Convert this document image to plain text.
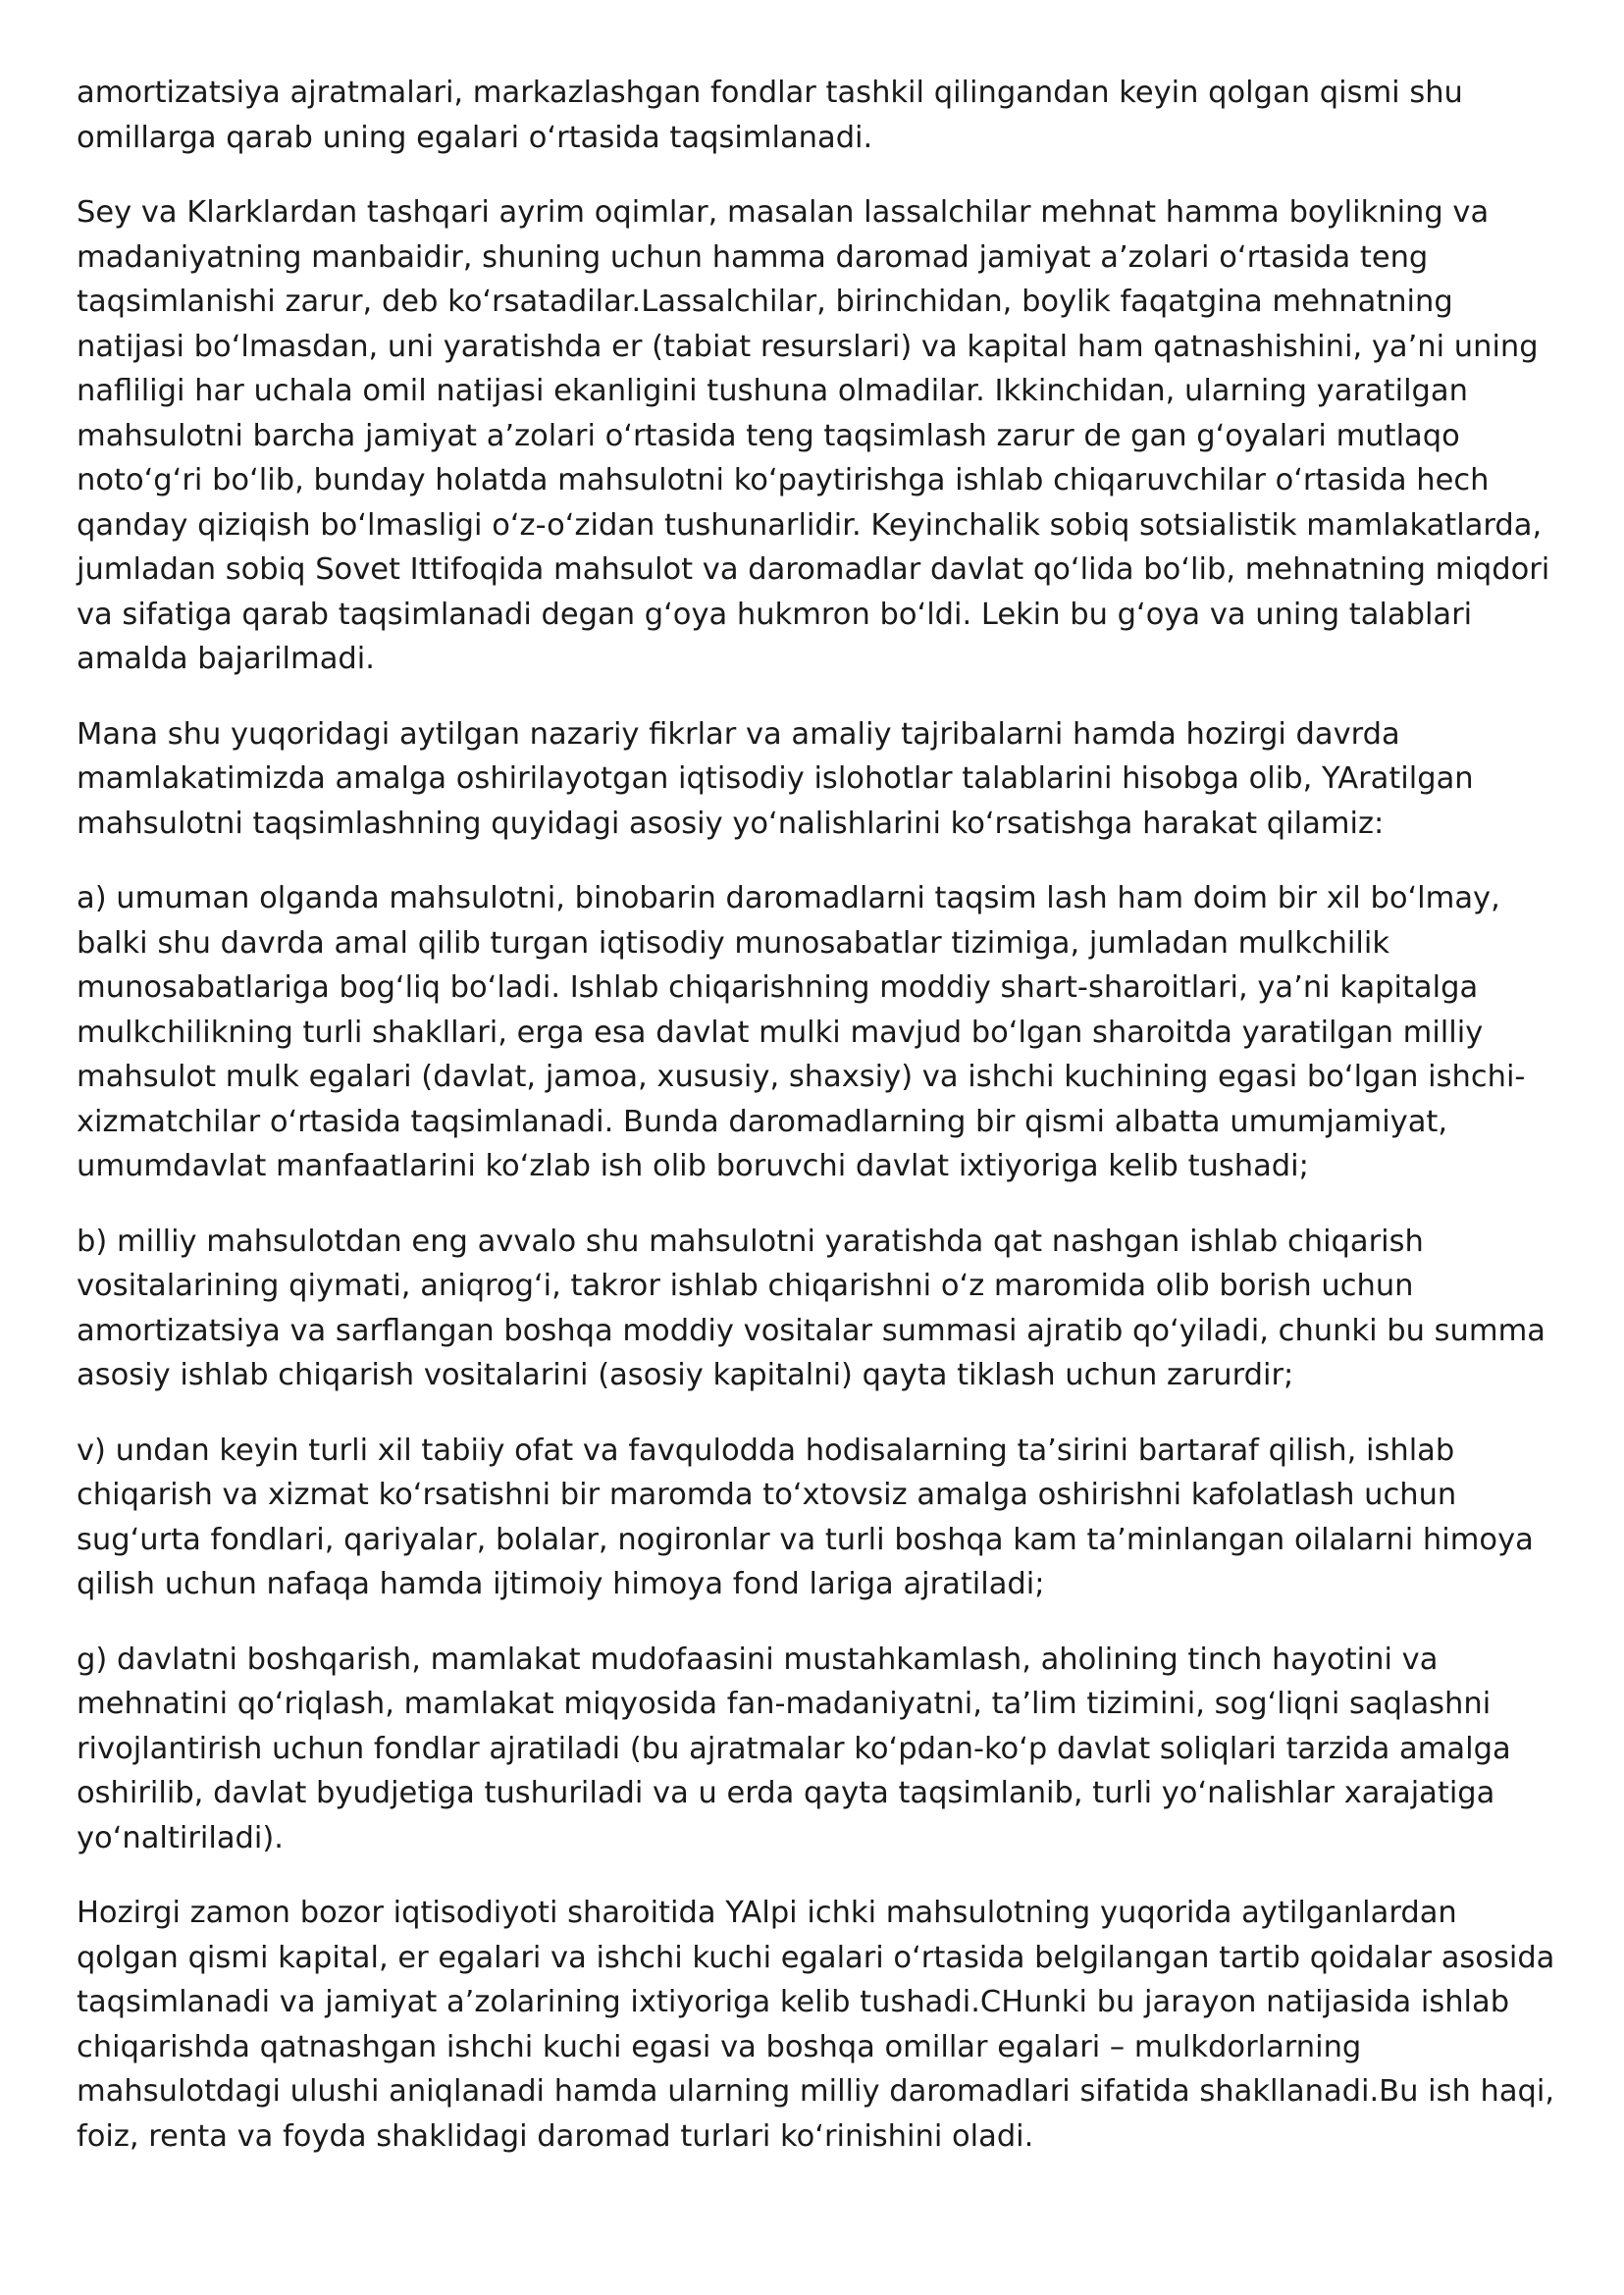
amortizatsiya ajratmalari, markazlashgan fondlar tashkil qilingandan keyin qolgan qismi shu omillarga qarab uning egalari oʻrtasida taqsimlanadi.

Sey va Klarklardan tashqari ayrim oqimlar, masalan lassalchilar mehnat hamma boylikning va madaniyatning manbaidir, shuning uchun hamma daromad jamiyat aʼzolari oʻrtasida teng taqsimlanishi zarur, deb koʻrsatadilar.Lassalchilar, birinchidan, boylik faqatgina mehnatning natijasi boʻlmasdan, uni yaratishda er (tabiat resurslari) va kapital ham qatnashishini, yaʼni uning nafliligi har uchala omil natijasi ekanligini tushuna olmadilar. Ikkinchidan, ularning yaratilgan mahsulotni barcha jamiyat aʼzolari oʻrtasida teng taqsimlash zarur de gan gʻoyalari mutlaqo notoʻgʻri boʻlib, bunday holatda mahsulotni koʻpaytirishga ishlab chiqaruvchilar oʻrtasida hech qanday qiziqish boʻlmasligi oʻz-oʻzidan tushunarlidir. Keyinchalik sobiq sotsialistik mamlakatlarda, jumladan sobiq Sovet Ittifoqida mahsulot va daromadlar davlat qoʻlida boʻlib, mehnatning miqdori va sifatiga qarab taqsimlanadi degan gʻoya hukmron boʻldi. Lekin bu gʻoya va uning talablari amalda bajarilmadi.

Mana shu yuqoridagi aytilgan nazariy fikrlar va amaliy tajribalarni hamda hozirgi davrda mamlakatimizda amalga oshirilayotgan iqtisodiy islohotlar talablarini hisobga olib, YAratilgan mahsulotni taqsimlashning quyidagi asosiy yoʻnalishlarini koʻrsatishga harakat qilamiz:

a) umuman olganda mahsulotni, binobarin daromadlarni taqsim lash ham doim bir xil boʻlmay, balki shu davrda amal qilib turgan iqtisodiy munosabatlar tizimiga, jumladan mulkchilik munosabatlariga bogʻliq boʻladi. Ishlab chiqarishning moddiy shart-sharoitlari, yaʼni kapitalga mulkchilikning turli shakllari, erga esa davlat mulki mavjud boʻlgan sharoitda yaratilgan milliy mahsulot mulk egalari (davlat, jamoa, xususiy, shaxsiy) va ishchi kuchining egasi boʻlgan ishchi-xizmatchilar oʻrtasida taqsimlanadi. Bunda daromadlarning bir qismi albatta umumjamiyat, umumdavlat manfaatlarini koʻzlab ish olib boruvchi davlat ixtiyoriga kelib tushadi;

b) milliy mahsulotdan eng avvalo shu mahsulotni yaratishda qat nashgan ishlab chiqarish vositalarining qiymati, aniqrogʻi, takror ishlab chiqarishni oʻz maromida olib borish uchun amortizatsiya va sarflangan boshqa moddiy vositalar summasi ajratib qoʻyiladi, chunki bu summa asosiy ishlab chiqarish vositalarini (asosiy kapitalni) qayta tiklash uchun zarurdir;

v) undan keyin turli xil tabiiy ofat va favqulodda hodisalarning taʼsirini bartaraf qilish, ishlab chiqarish va xizmat koʻrsatishni bir maromda toʻxtovsiz amalga oshirishni kafolatlash uchun sugʻurta fondlari, qariyalar, bolalar, nogironlar va turli boshqa kam taʼminlangan oilalarni himoya qilish uchun nafaqa hamda ijtimoiy himoya fond lariga ajratiladi;

g) davlatni boshqarish, mamlakat mudofaasini mustahkamlash, aholining tinch hayotini va mehnatini qoʻriqlash, mamlakat miqyosida fan-madaniyatni, taʼlim tizimini, sogʻliqni saqlashni rivojlantirish uchun fondlar ajratiladi (bu ajratmalar koʻpdan-koʻp davlat soliqlari tarzida amalga oshirilib, davlat byudjetiga tushuriladi va u erda qayta taqsimlanib, turli yoʻnalishlar xarajatiga yoʻnaltiriladi).

Hozirgi zamon bozor iqtisodiyoti sharoitida YAlpi ichki mahsulotning yuqorida aytilganlardan qolgan qismi kapital, er egalari va ishchi kuchi egalari oʻrtasida belgilangan tartib qoidalar asosida taqsimlanadi va jamiyat aʼzolarining ixtiyoriga kelib tushadi.CHunki bu jarayon natijasida ishlab chiqarishda qatnashgan ishchi kuchi egasi va boshqa omillar egalari – mulkdorlarning mahsulotdagi ulushi aniqlanadi hamda ularning milliy daromadlari sifatida shakllanadi.Bu ish haqi, foiz, renta va foyda shaklidagi daromad turlari koʻrinishini oladi.
